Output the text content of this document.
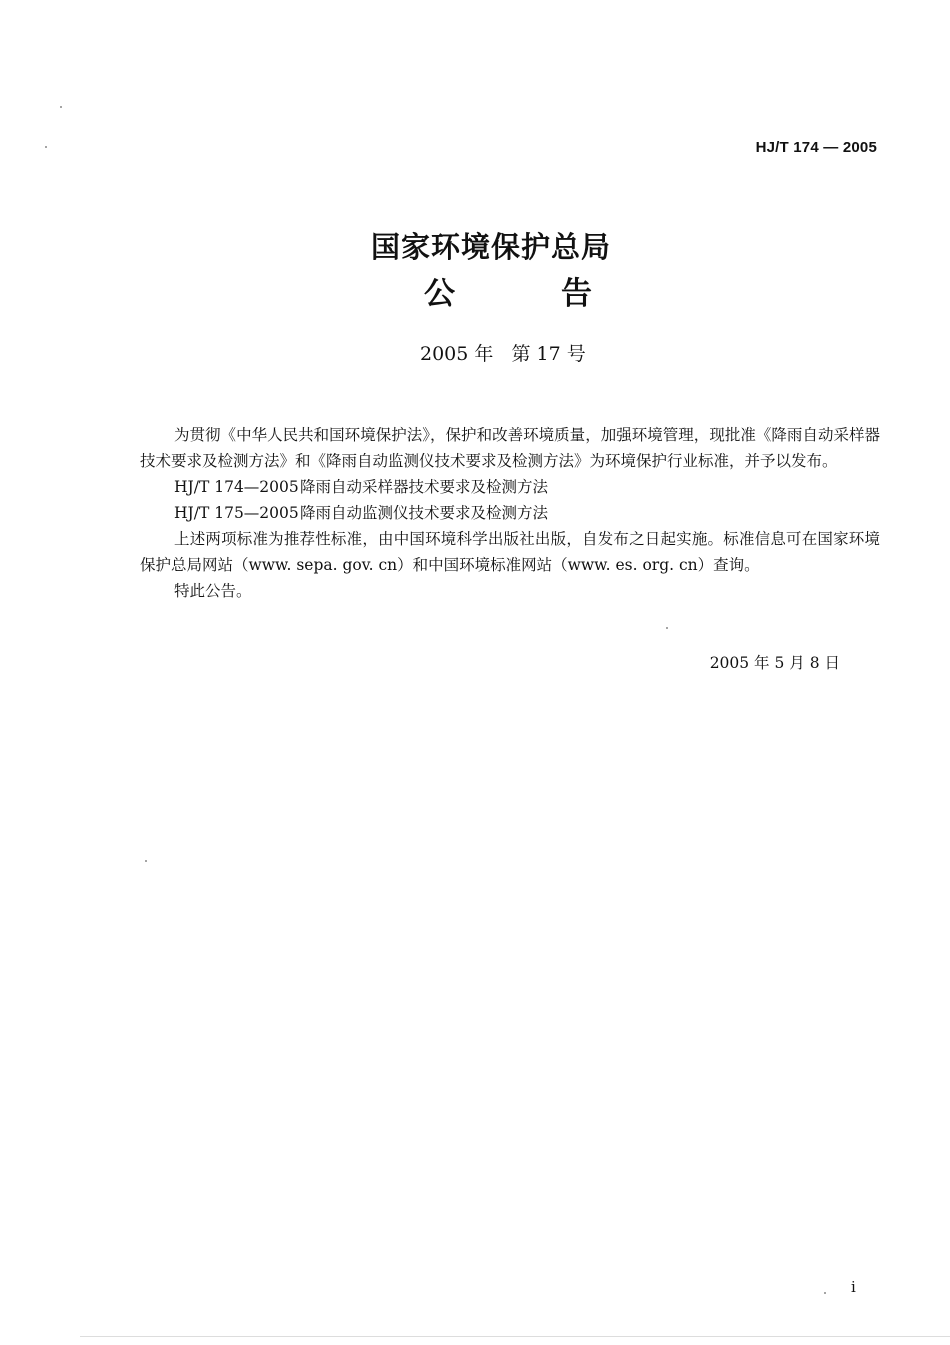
HJ/T 174 — 2005
国家环境保护总局
公	告
2005 年   第 17 号

为贯彻《中华人民共和国环境保护法》，保护和改善环境质量，加强环境管理，现批准《降雨自动采样器技术要求及检测方法》和《降雨自动监测仪技术要求及检测方法》为环境保护行业标准，并予以发布。

HJ/T 174—2005 降雨自动采样器技术要求及检测方法
HJ/T 175—2005 降雨自动监测仪技术要求及检测方法

上述两项标准为推荐性标准，由中国环境科学出版社出版，自发布之日起实施。标准信息可在国家环境保护总局网站（www. sepa. gov. cn）和中国环境标准网站（www. es. org. cn）查询。

特此公告。

2005 年 5 月 8 日
i
